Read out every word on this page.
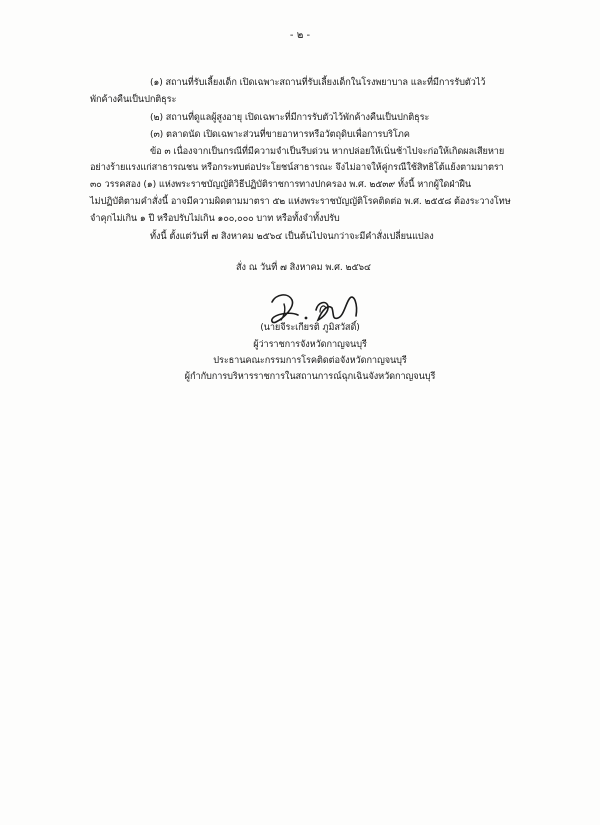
- ๒ -
(๑) สถานที่รับเลี้ยงเด็ก เปิดเฉพาะสถานที่รับเลี้ยงเด็กในโรงพยาบาล และที่มีการรับตัวไว้
พักค้างคืนเป็นปกติธุระ
(๒) สถานที่ดูแลผู้สูงอายุ เปิดเฉพาะที่มีการรับตัวไว้พักค้างคืนเป็นปกติธุระ
(๓) ตลาดนัด เปิดเฉพาะส่วนที่ขายอาหารหรือวัตถุดิบเพื่อการบริโภค
ข้อ ๓ เนื่องจากเป็นกรณีที่มีความจำเป็นรีบด่วน หากปล่อยให้เนิ่นช้าไปจะก่อให้เกิดผลเสียหาย
อย่างร้ายแรงแก่สาธารณชน หรือกระทบต่อประโยชน์สาธารณะ จึงไม่อาจให้คู่กรณีใช้สิทธิโต้แย้งตามมาตรา
๓๐ วรรคสอง (๑) แห่งพระราชบัญญัติวิธีปฏิบัติราชการทางปกครอง พ.ศ. ๒๕๓๙ ทั้งนี้ หากผู้ใดฝ่าฝืน
ไม่ปฏิบัติตามคำสั่งนี้ อาจมีความผิดตามมาตรา ๕๒ แห่งพระราชบัญญัติโรคติดต่อ พ.ศ. ๒๕๕๘ ต้องระวางโทษ
จำคุกไม่เกิน ๑ ปี หรือปรับไม่เกิน ๑๐๐,๐๐๐ บาท หรือทั้งจำทั้งปรับ
ทั้งนี้ ตั้งแต่วันที่ ๗ สิงหาคม ๒๕๖๔ เป็นต้นไปจนกว่าจะมีคำสั่งเปลี่ยนแปลง
สั่ง ณ วันที่ ๗ สิงหาคม พ.ศ. ๒๕๖๔
(นายจีระเกียรติ ภูมิสวัสดิ์)
ผู้ว่าราชการจังหวัดกาญจนบุรี
ประธานคณะกรรมการโรคติดต่อจังหวัดกาญจนบุรี
ผู้กำกับการบริหารราชการในสถานการณ์ฉุกเฉินจังหวัดกาญจนบุรี
